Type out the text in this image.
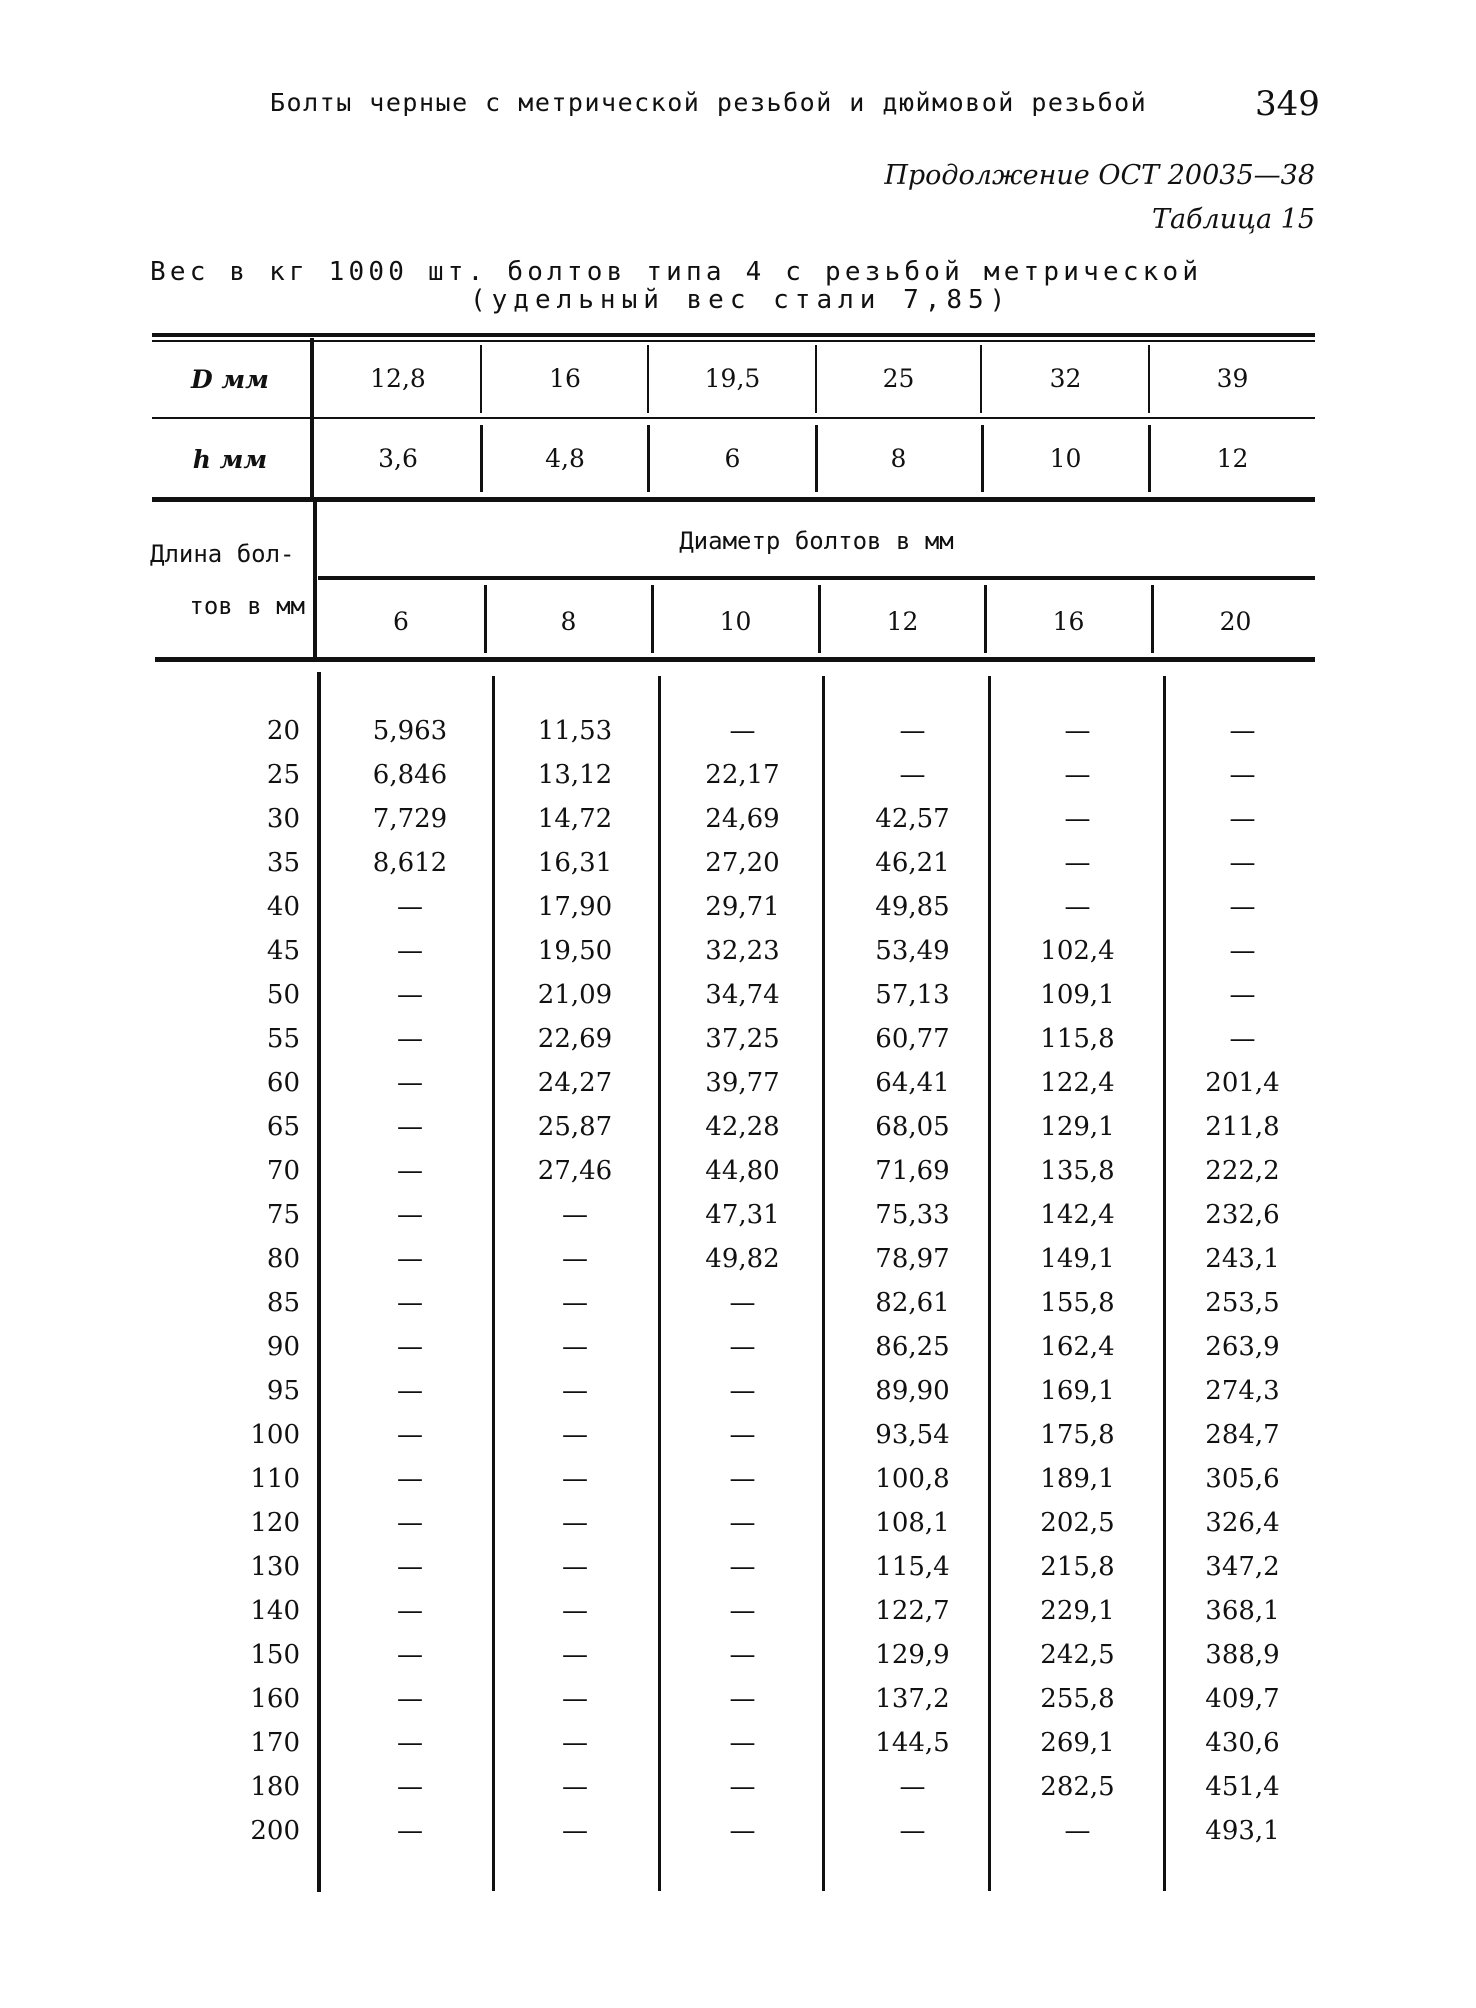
Болты черные с метрической резьбой и дюймовой резьбой	349
Продолжение ОСТ 20035—38
Таблица 15
Вес в кг 1000 шт. болтов типа 4 с резьбой метрической
(удельный вес стали 7,85)
D мм	12,8	16	19,5	25	32	39
h мм	3,6	4,8	6	8	10	12
Длина бол-
тов в мм
Диаметр болтов в мм
6	8	10	12	16	20
20	5,963	11,53	—	—	—	—
25	6,846	13,12	22,17	—	—	—
30	7,729	14,72	24,69	42,57	—	—
35	8,612	16,31	27,20	46,21	—	—
40	—	17,90	29,71	49,85	—	—
45	—	19,50	32,23	53,49	102,4	—
50	—	21,09	34,74	57,13	109,1	—
55	—	22,69	37,25	60,77	115,8	—
60	—	24,27	39,77	64,41	122,4	201,4
65	—	25,87	42,28	68,05	129,1	211,8
70	—	27,46	44,80	71,69	135,8	222,2
75	—	—	47,31	75,33	142,4	232,6
80	—	—	49,82	78,97	149,1	243,1
85	—	—	—	82,61	155,8	253,5
90	—	—	—	86,25	162,4	263,9
95	—	—	—	89,90	169,1	274,3
100	—	—	—	93,54	175,8	284,7
110	—	—	—	100,8	189,1	305,6
120	—	—	—	108,1	202,5	326,4
130	—	—	—	115,4	215,8	347,2
140	—	—	—	122,7	229,1	368,1
150	—	—	—	129,9	242,5	388,9
160	—	—	—	137,2	255,8	409,7
170	—	—	—	144,5	269,1	430,6
180	—	—	—	—	282,5	451,4
200	—	—	—	—	—	493,1
